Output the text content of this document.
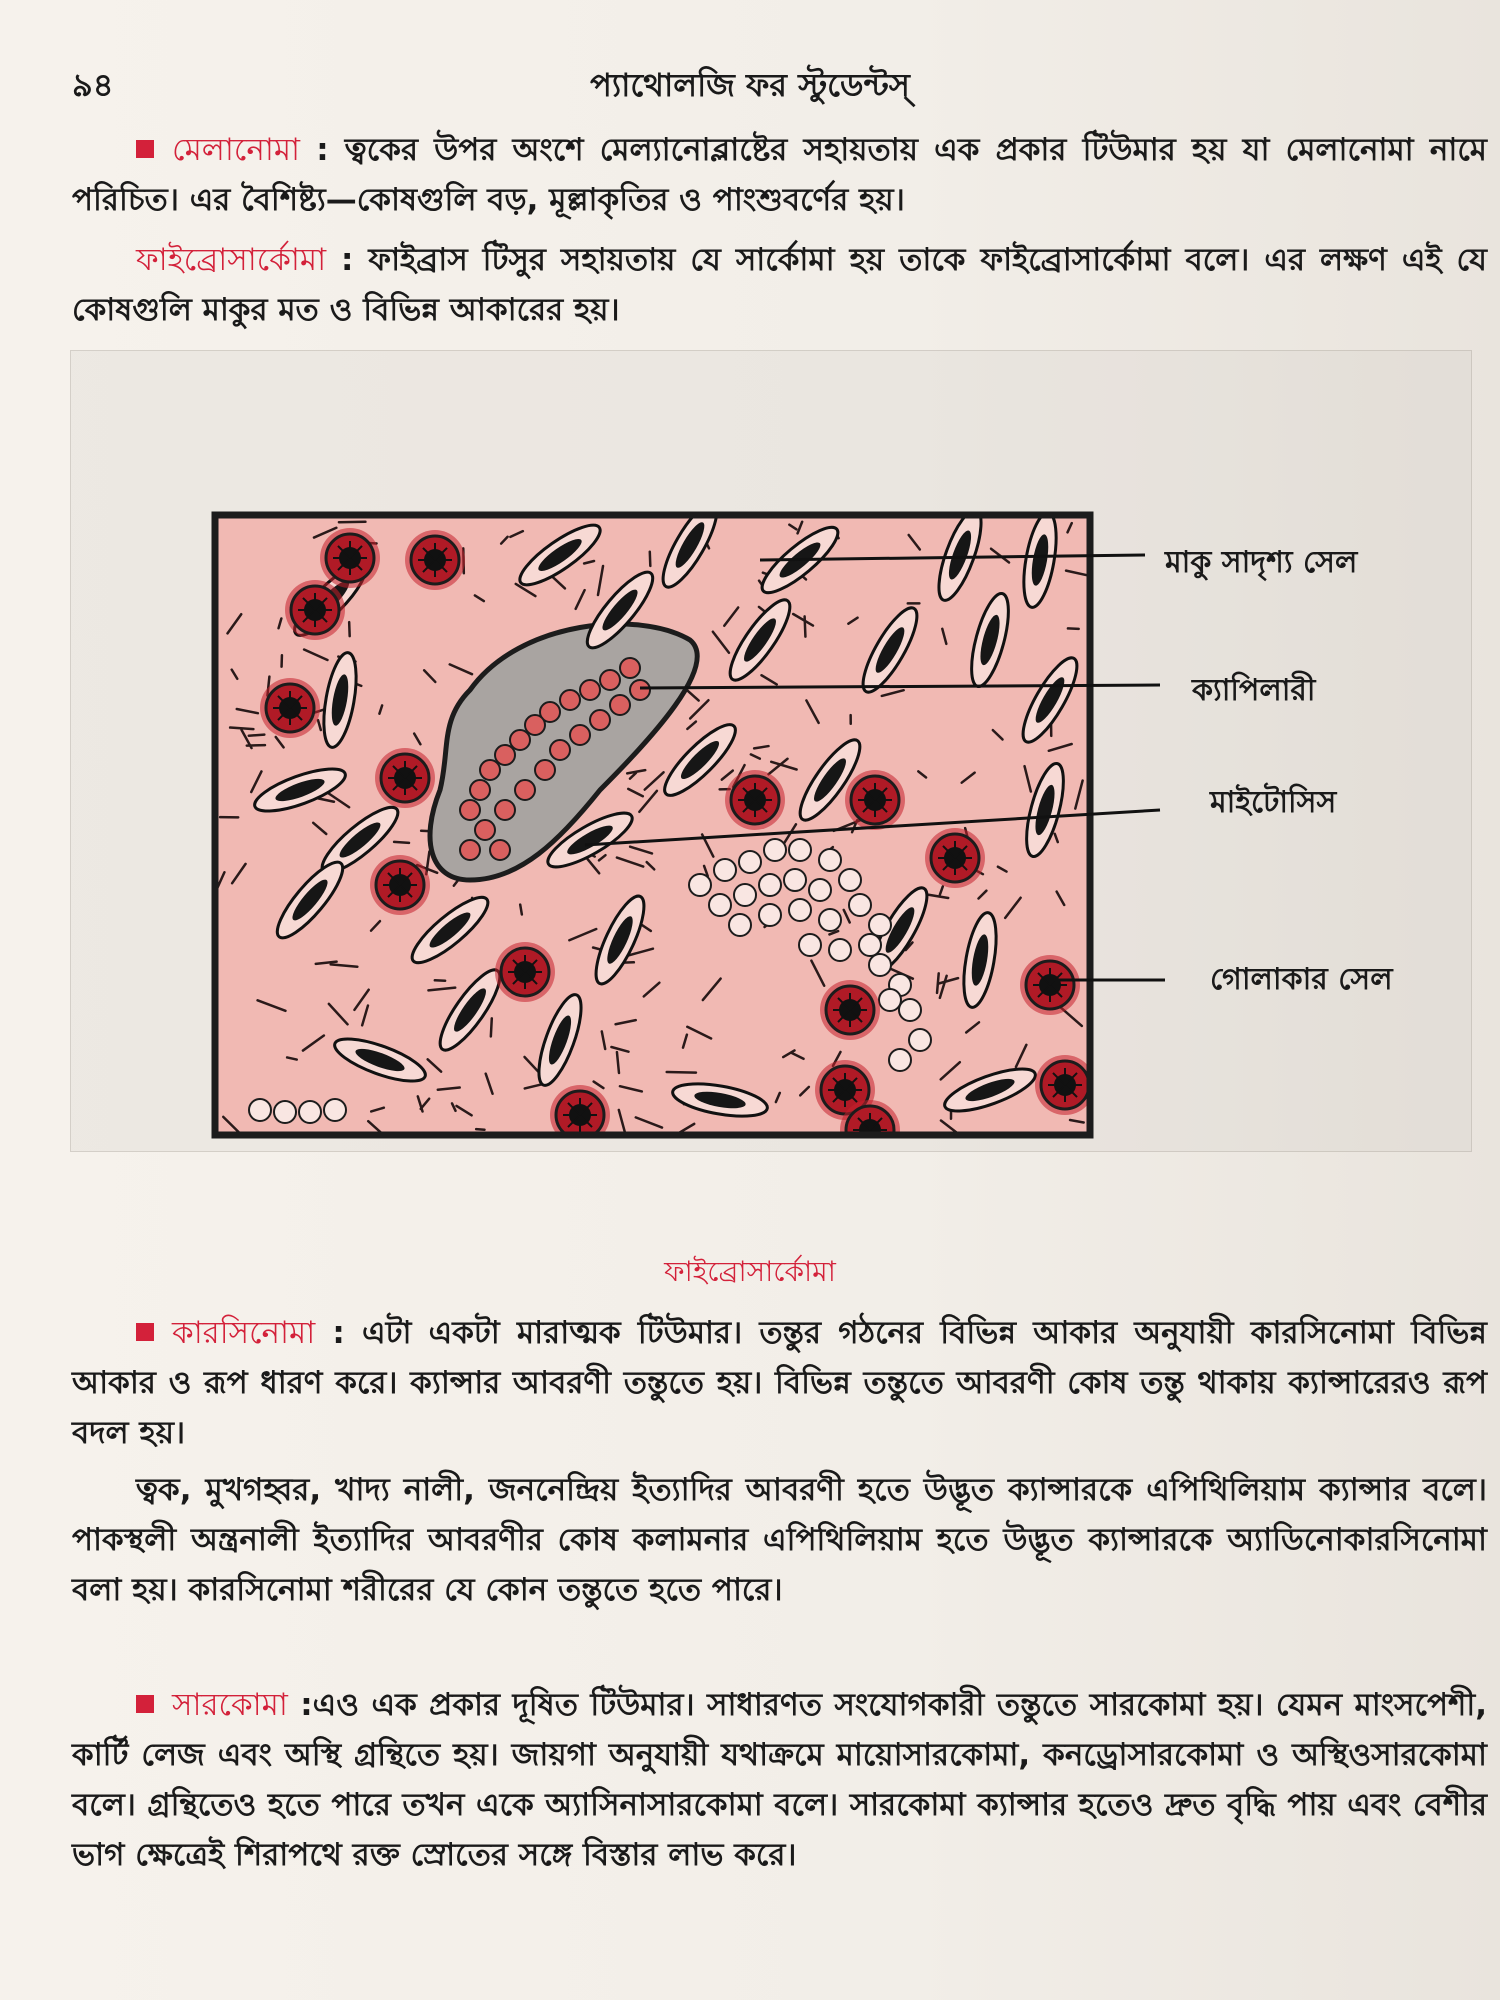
৯৪	প্যাথোলজি ফর স্টুডেন্টস্
মেলানোমা : ত্বকের উপর অংশে মেল্যানোব্লাষ্টের সহায়তায় এক প্রকার টিউমার হয় যা মেলানোমা নামে পরিচিত। এর বৈশিষ্ট্য—কোষগুলি বড়, মূল্লাকৃতির ও পাংশুবর্ণের হয়।
ফাইব্রোসার্কোমা : ফাইব্রাস টিসুর সহায়তায় যে সার্কোমা হয় তাকে ফাইব্রোসার্কোমা বলে। এর লক্ষণ এই যে কোষগুলি মাকুর মত ও বিভিন্ন আকারের হয়।
মাকু সাদৃশ্য সেল
ক্যাপিলারী
মাইটোসিস
গোলাকার সেল
ফাইব্রোসার্কোমা
কারসিনোমা : এটা একটা মারাত্মক টিউমার। তন্তুর গঠনের বিভিন্ন আকার অনুযায়ী কারসিনোমা বিভিন্ন আকার ও রূপ ধারণ করে। ক্যান্সার আবরণী তন্তুতে হয়। বিভিন্ন তন্তুতে আবরণী কোষ তন্তু থাকায় ক্যান্সারেরও রূপ বদল হয়।
ত্বক, মুখগহ্বর, খাদ্য নালী, জননেন্দ্রিয় ইত্যাদির আবরণী হতে উদ্ভূত ক্যান্সারকে এপিথিলিয়াম ক্যান্সার বলে। পাকস্থলী অন্ত্রনালী ইত্যাদির আবরণীর কোষ কলামনার এপিথিলিয়াম হতে উদ্ভূত ক্যান্সারকে অ্যাডিনোকারসিনোমা বলা হয়। কারসিনোমা শরীরের যে কোন তন্তুতে হতে পারে।
সারকোমা :এও এক প্রকার দূষিত টিউমার। সাধারণত সংযোগকারী তন্তুতে সারকোমা হয়। যেমন মাংসপেশী, কার্টি লেজ এবং অস্থি গ্রন্থিতে হয়। জায়গা অনুযায়ী যথাক্রমে মায়োসারকোমা, কনড্রোসারকোমা ও অস্থিওসারকোমা বলে। গ্রন্থিতেও হতে পারে তখন একে অ্যাসিনাসারকোমা বলে। সারকোমা ক্যান্সার হতেও দ্রুত বৃদ্ধি পায় এবং বেশীর ভাগ ক্ষেত্রেই শিরাপথে রক্ত স্রোতের সঙ্গে বিস্তার লাভ করে।
